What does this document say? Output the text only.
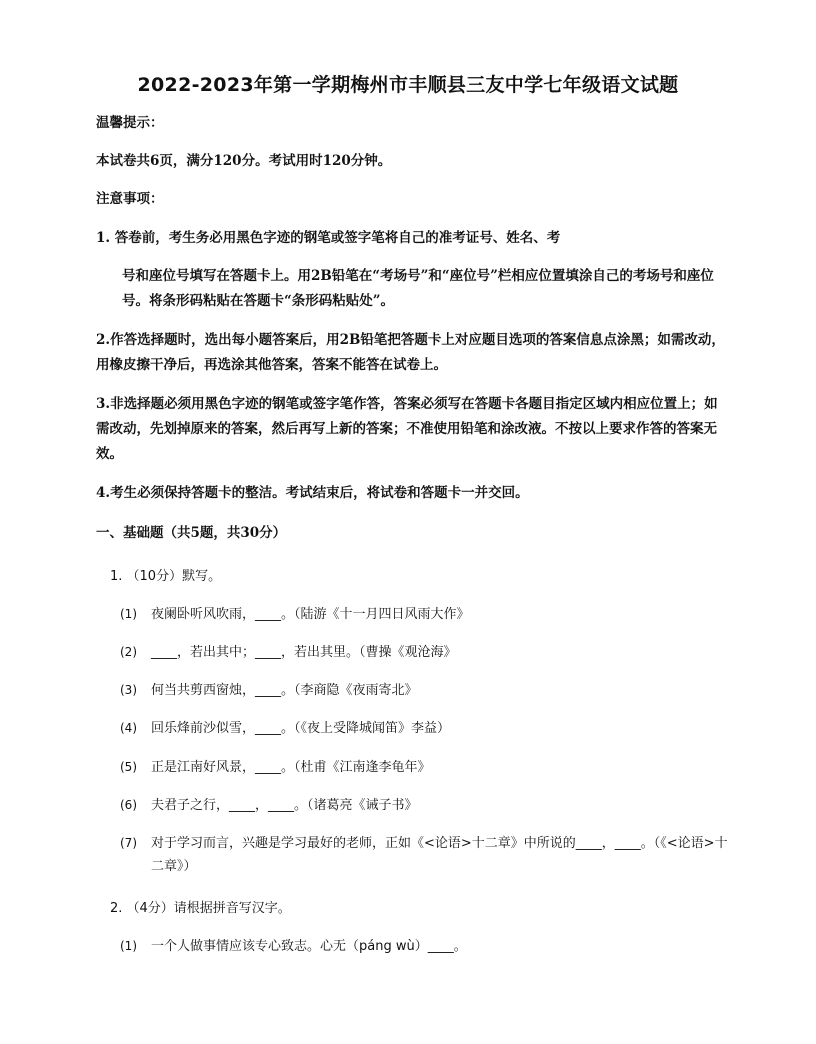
2022-2023年第一学期梅州市丰顺县三友中学七年级语文试题
温馨提示：
本试卷共6页，满分120分。考试用时120分钟。
注意事项：
1. 答卷前，考生务必用黑色字迹的钢笔或签字笔将自己的准考证号、姓名、考
号和座位号填写在答题卡上。用2B铅笔在“考场号”和“座位号”栏相应位置填涂自己的考场号和座位号。将条形码粘贴在答题卡“条形码粘贴处”。
2.作答选择题时，选出每小题答案后，用2B铅笔把答题卡上对应题目选项的答案信息点涂黑；如需改动，用橡皮擦干净后，再选涂其他答案，答案不能答在试卷上。
3.非选择题必须用黑色字迹的钢笔或签字笔作答，答案必须写在答题卡各题目指定区域内相应位置上；如需改动，先划掉原来的答案，然后再写上新的答案；不准使用铅笔和涂改液。不按以上要求作答的答案无效。
4.考生必须保持答题卡的整洁。考试结束后，将试卷和答题卡一并交回。
一、基础题（共5题，共30分）
1. （10分）默写。
(1)	夜阑卧听风吹雨，____。（陆游《十一月四日风雨大作》
(2)	____，若出其中；____，若出其里。（曹操《观沧海》
(3)	何当共剪西窗烛，____。（李商隐《夜雨寄北》
(4)	回乐烽前沙似雪，____。（《夜上受降城闻笛》李益）
(5)	正是江南好风景，____。（杜甫《江南逢李龟年》
(6)	夫君子之行，____，____。（诸葛亮《诫子书》
(7)	对于学习而言，兴趣是学习最好的老师，正如《<论语>十二章》中所说的____，____。（《<论语>十二章》）
2. （4分）请根据拼音写汉字。
(1)	一个人做事情应该专心致志。心无（páng wù）____。
